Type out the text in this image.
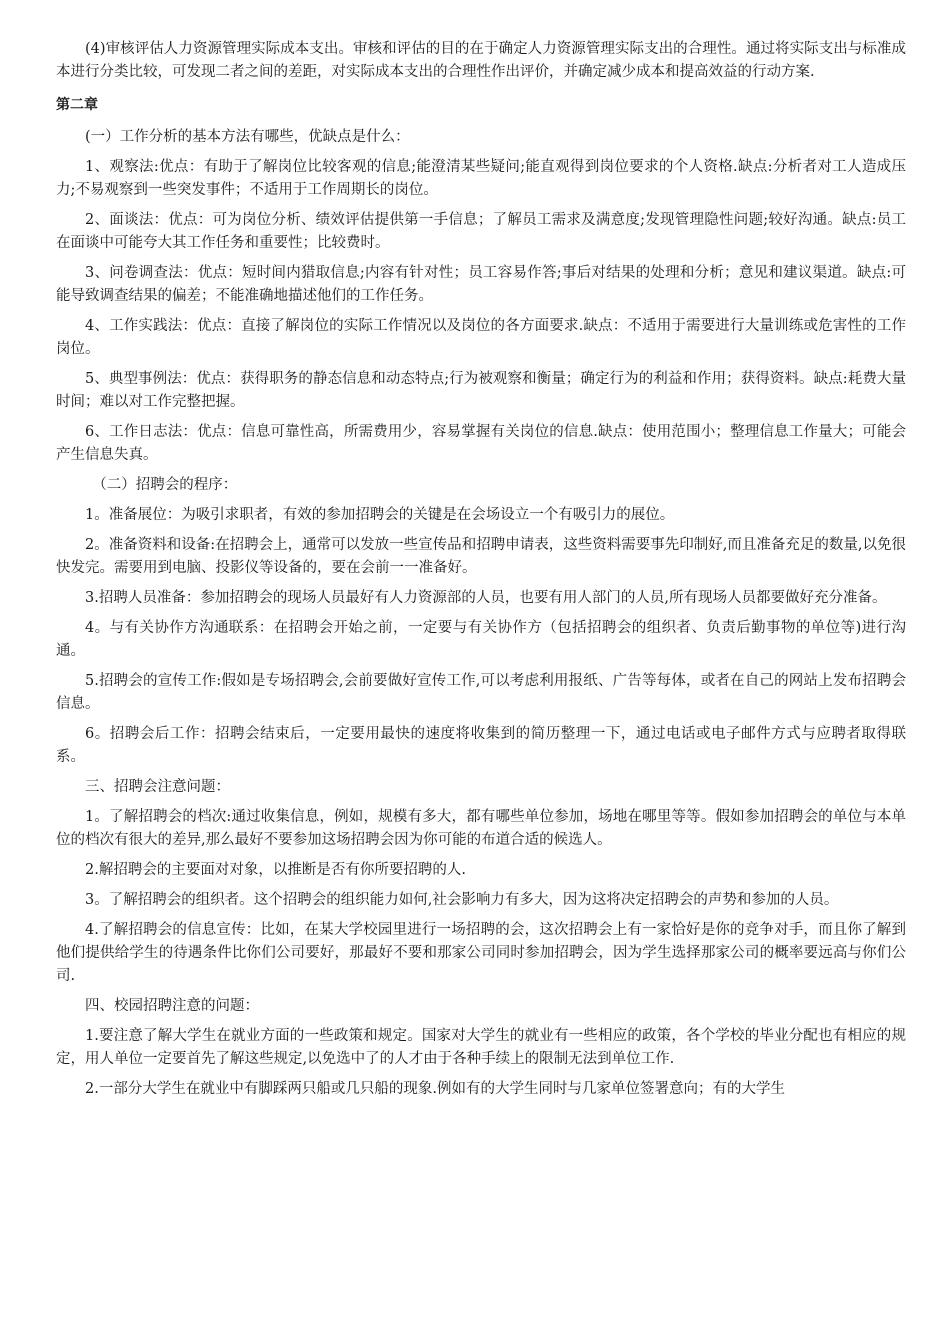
(4)审核评估人力资源管理实际成本支出。审核和评估的目的在于确定人力资源管理实际支出的合理性。通过将实际支出与标准成本进行分类比较，可发现二者之间的差距，对实际成本支出的合理性作出评价，并确定减少成本和提高效益的行动方案.

第二章

(一）工作分析的基本方法有哪些，优缺点是什么：

1、观察法:优点：有助于了解岗位比较客观的信息;能澄清某些疑问;能直观得到岗位要求的个人资格.缺点:分析者对工人造成压力;不易观察到一些突发事件；不适用于工作周期长的岗位。

2、面谈法：优点：可为岗位分析、绩效评估提供第一手信息；了解员工需求及满意度;发现管理隐性问题;较好沟通。缺点:员工在面谈中可能夸大其工作任务和重要性；比较费时。

3、问卷调查法：优点：短时间内猎取信息;内容有针对性；员工容易作答;事后对结果的处理和分析；意见和建议渠道。缺点:可能导致调查结果的偏差；不能准确地描述他们的工作任务。

4、工作实践法：优点：直接了解岗位的实际工作情况以及岗位的各方面要求.缺点：不适用于需要进行大量训练或危害性的工作岗位。

5、典型事例法：优点：获得职务的静态信息和动态特点;行为被观察和衡量；确定行为的利益和作用；获得资料。缺点:耗费大量时间；难以对工作完整把握。

6、工作日志法：优点：信息可靠性高，所需费用少，容易掌握有关岗位的信息.缺点：使用范围小；整理信息工作量大；可能会产生信息失真。

（二）招聘会的程序：

1。准备展位：为吸引求职者，有效的参加招聘会的关键是在会场设立一个有吸引力的展位。

2。准备资料和设备:在招聘会上，通常可以发放一些宣传品和招聘申请表，这些资料需要事先印制好,而且准备充足的数量,以免很快发完。需要用到电脑、投影仪等设备的，要在会前一一准备好。

3.招聘人员准备：参加招聘会的现场人员最好有人力资源部的人员，也要有用人部门的人员,所有现场人员都要做好充分准备。

4。与有关协作方沟通联系：在招聘会开始之前，一定要与有关协作方（包括招聘会的组织者、负责后勤事物的单位等)进行沟通。

5.招聘会的宣传工作:假如是专场招聘会,会前要做好宣传工作,可以考虑利用报纸、广告等每体，或者在自己的网站上发布招聘会信息。

6。招聘会后工作：招聘会结束后，一定要用最快的速度将收集到的简历整理一下，通过电话或电子邮件方式与应聘者取得联系。

三、招聘会注意问题：

1。了解招聘会的档次:通过收集信息，例如，规模有多大，都有哪些单位参加，场地在哪里等等。假如参加招聘会的单位与本单位的档次有很大的差异,那么最好不要参加这场招聘会因为你可能的布道合适的候选人。

2.解招聘会的主要面对对象，以推断是否有你所要招聘的人.

3。了解招聘会的组织者。这个招聘会的组织能力如何,社会影响力有多大，因为这将决定招聘会的声势和参加的人员。

4.了解招聘会的信息宣传：比如，在某大学校园里进行一场招聘的会，这次招聘会上有一家恰好是你的竞争对手，而且你了解到他们提供给学生的待遇条件比你们公司要好，那最好不要和那家公司同时参加招聘会，因为学生选择那家公司的概率要远高与你们公司.

四、校园招聘注意的问题：

1.要注意了解大学生在就业方面的一些政策和规定。国家对大学生的就业有一些相应的政策，各个学校的毕业分配也有相应的规定，用人单位一定要首先了解这些规定,以免选中了的人才由于各种手续上的限制无法到单位工作.

2.一部分大学生在就业中有脚踩两只船或几只船的现象.例如有的大学生同时与几家单位签署意向；有的大学生
